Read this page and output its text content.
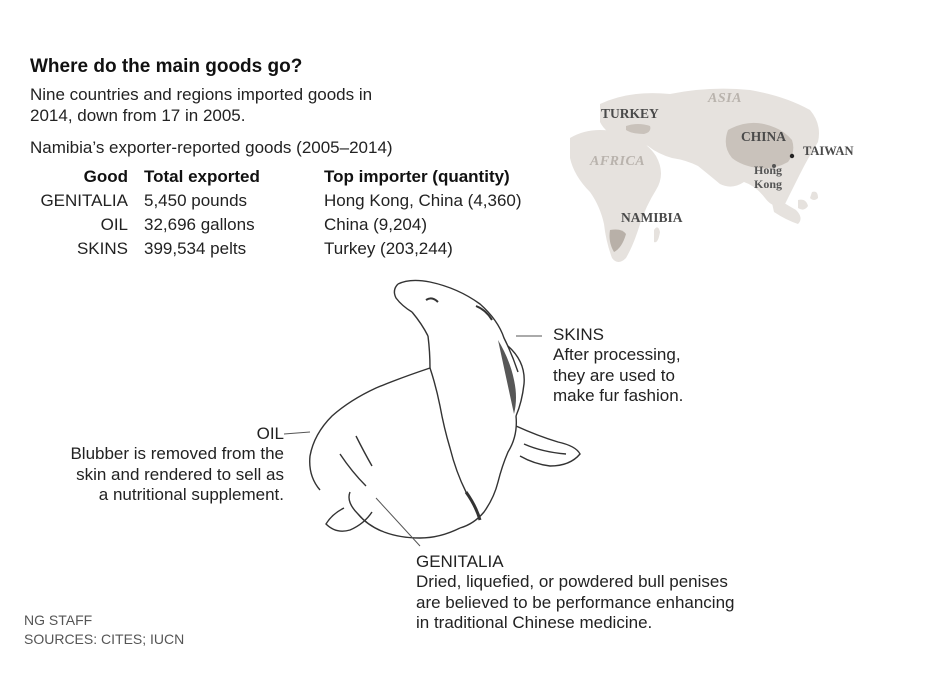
Where do the main goods go?
Nine countries and regions imported goods in 2014, down from 17 in 2005.
Namibia’s exporter-reported goods (2005–2014)
Good	Total exported	Top importer (quantity)
GENITALIA	5,450 pounds	Hong Kong, China (4,360)
OIL	32,696 gallons	China (9,204)
SKINS	399,534 pelts	Turkey (203,244)
ASIA
AFRICA
TURKEY
CHINA
TAIWAN
Hong
Kong
NAMIBIA
SKINS
After processing,
they are used to
make fur fashion.
OIL
Blubber is removed from the
skin and rendered to sell as
a nutritional supplement.
GENITALIA
Dried, liquefied, or powdered bull penises
are believed to be performance enhancing
in traditional Chinese medicine.
NG STAFF
SOURCES: CITES; IUCN
